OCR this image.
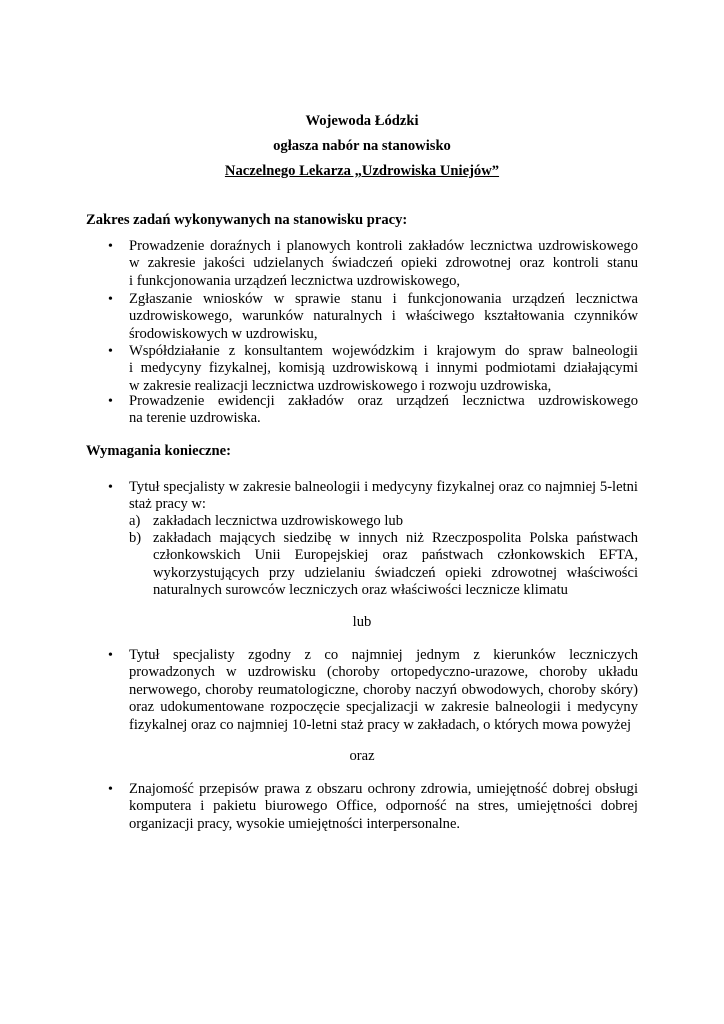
Wojewoda Łódzki
ogłasza nabór na stanowisko
Naczelnego Lekarza „Uzdrowiska Uniejów”
Zakres zadań wykonywanych na stanowisku pracy:
• Prowadzenie doraźnych i planowych kontroli zakładów lecznictwa uzdrowiskowego
w zakresie jakości udzielanych świadczeń opieki zdrowotnej oraz kontroli stanu
i funkcjonowania urządzeń lecznictwa uzdrowiskowego,
• Zgłaszanie wniosków w sprawie stanu i funkcjonowania urządzeń lecznictwa
uzdrowiskowego, warunków naturalnych i właściwego kształtowania czynników
środowiskowych w uzdrowisku,
• Współdziałanie z konsultantem wojewódzkim i krajowym do spraw balneologii
i medycyny fizykalnej, komisją uzdrowiskową i innymi podmiotami działającymi
w zakresie realizacji lecznictwa uzdrowiskowego i rozwoju uzdrowiska,
• Prowadzenie ewidencji zakładów oraz urządzeń lecznictwa uzdrowiskowego
na terenie uzdrowiska.
Wymagania konieczne:
• Tytuł specjalisty w zakresie balneologii i medycyny fizykalnej oraz co najmniej 5-letni
staż pracy w:
a) zakładach lecznictwa uzdrowiskowego lub
b) zakładach mających siedzibę w innych niż Rzeczpospolita Polska państwach
członkowskich Unii Europejskiej oraz państwach członkowskich EFTA,
wykorzystujących przy udzielaniu świadczeń opieki zdrowotnej właściwości
naturalnych surowców leczniczych oraz właściwości lecznicze klimatu
lub
• Tytuł specjalisty zgodny z co najmniej jednym z kierunków leczniczych
prowadzonych w uzdrowisku (choroby ortopedyczno-urazowe, choroby układu
nerwowego, choroby reumatologiczne, choroby naczyń obwodowych, choroby skóry)
oraz udokumentowane rozpoczęcie specjalizacji w zakresie balneologii i medycyny
fizykalnej oraz co najmniej 10-letni staż pracy w zakładach, o których mowa powyżej
oraz
• Znajomość przepisów prawa z obszaru ochrony zdrowia, umiejętność dobrej obsługi
komputera i pakietu biurowego Office, odporność na stres, umiejętności dobrej
organizacji pracy, wysokie umiejętności interpersonalne.
